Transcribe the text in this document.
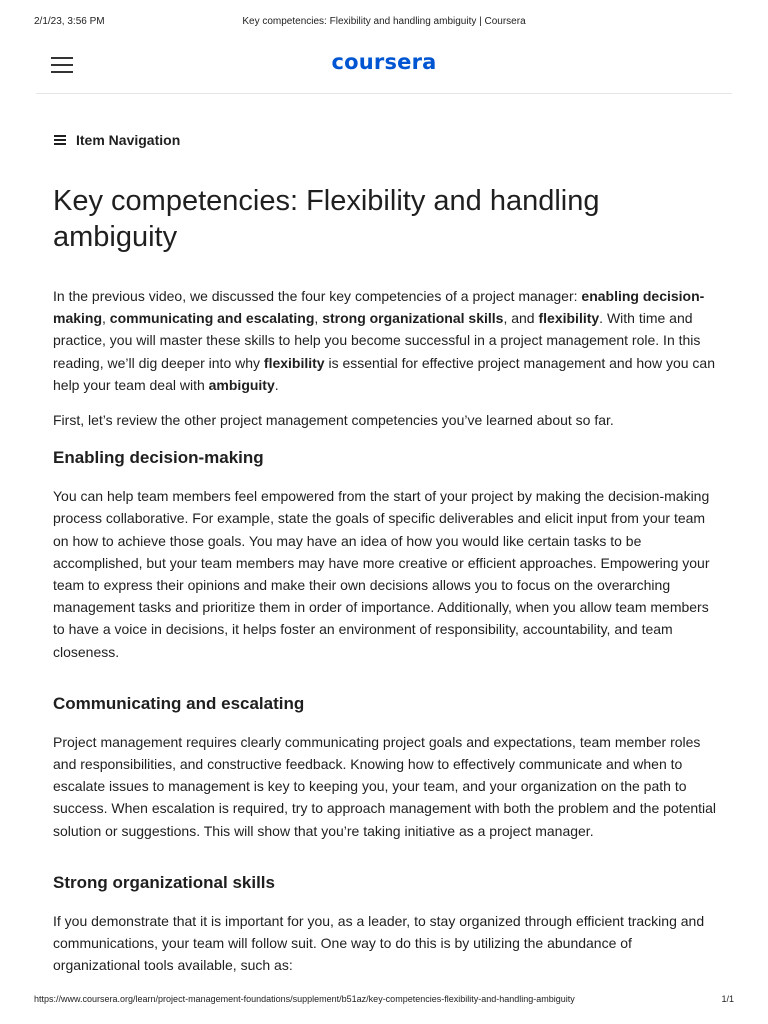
2/1/23, 3:56 PM	Key competencies: Flexibility and handling ambiguity | Coursera
coursera
Item Navigation
Key competencies: Flexibility and handling ambiguity

In the previous video, we discussed the four key competencies of a project manager: enabling decision-making, communicating and escalating, strong organizational skills, and flexibility. With time and practice, you will master these skills to help you become successful in a project management role. In this reading, we’ll dig deeper into why flexibility is essential for effective project management and how you can help your team deal with ambiguity.

First, let’s review the other project management competencies you’ve learned about so far.

Enabling decision-making

You can help team members feel empowered from the start of your project by making the decision-making process collaborative. For example, state the goals of specific deliverables and elicit input from your team on how to achieve those goals. You may have an idea of how you would like certain tasks to be accomplished, but your team members may have more creative or efficient approaches. Empowering your team to express their opinions and make their own decisions allows you to focus on the overarching management tasks and prioritize them in order of importance. Additionally, when you allow team members to have a voice in decisions, it helps foster an environment of responsibility, accountability, and team closeness.

Communicating and escalating

Project management requires clearly communicating project goals and expectations, team member roles and responsibilities, and constructive feedback. Knowing how to effectively communicate and when to escalate issues to management is key to keeping you, your team, and your organization on the path to success. When escalation is required, try to approach management with both the problem and the potential solution or suggestions. This will show that you’re taking initiative as a project manager.

Strong organizational skills

If you demonstrate that it is important for you, as a leader, to stay organized through efficient tracking and communications, your team will follow suit. One way to do this is by utilizing the abundance of organizational tools available, such as:

https://www.coursera.org/learn/project-management-foundations/supplement/b51az/key-competencies-flexibility-and-handling-ambiguity	1/1
